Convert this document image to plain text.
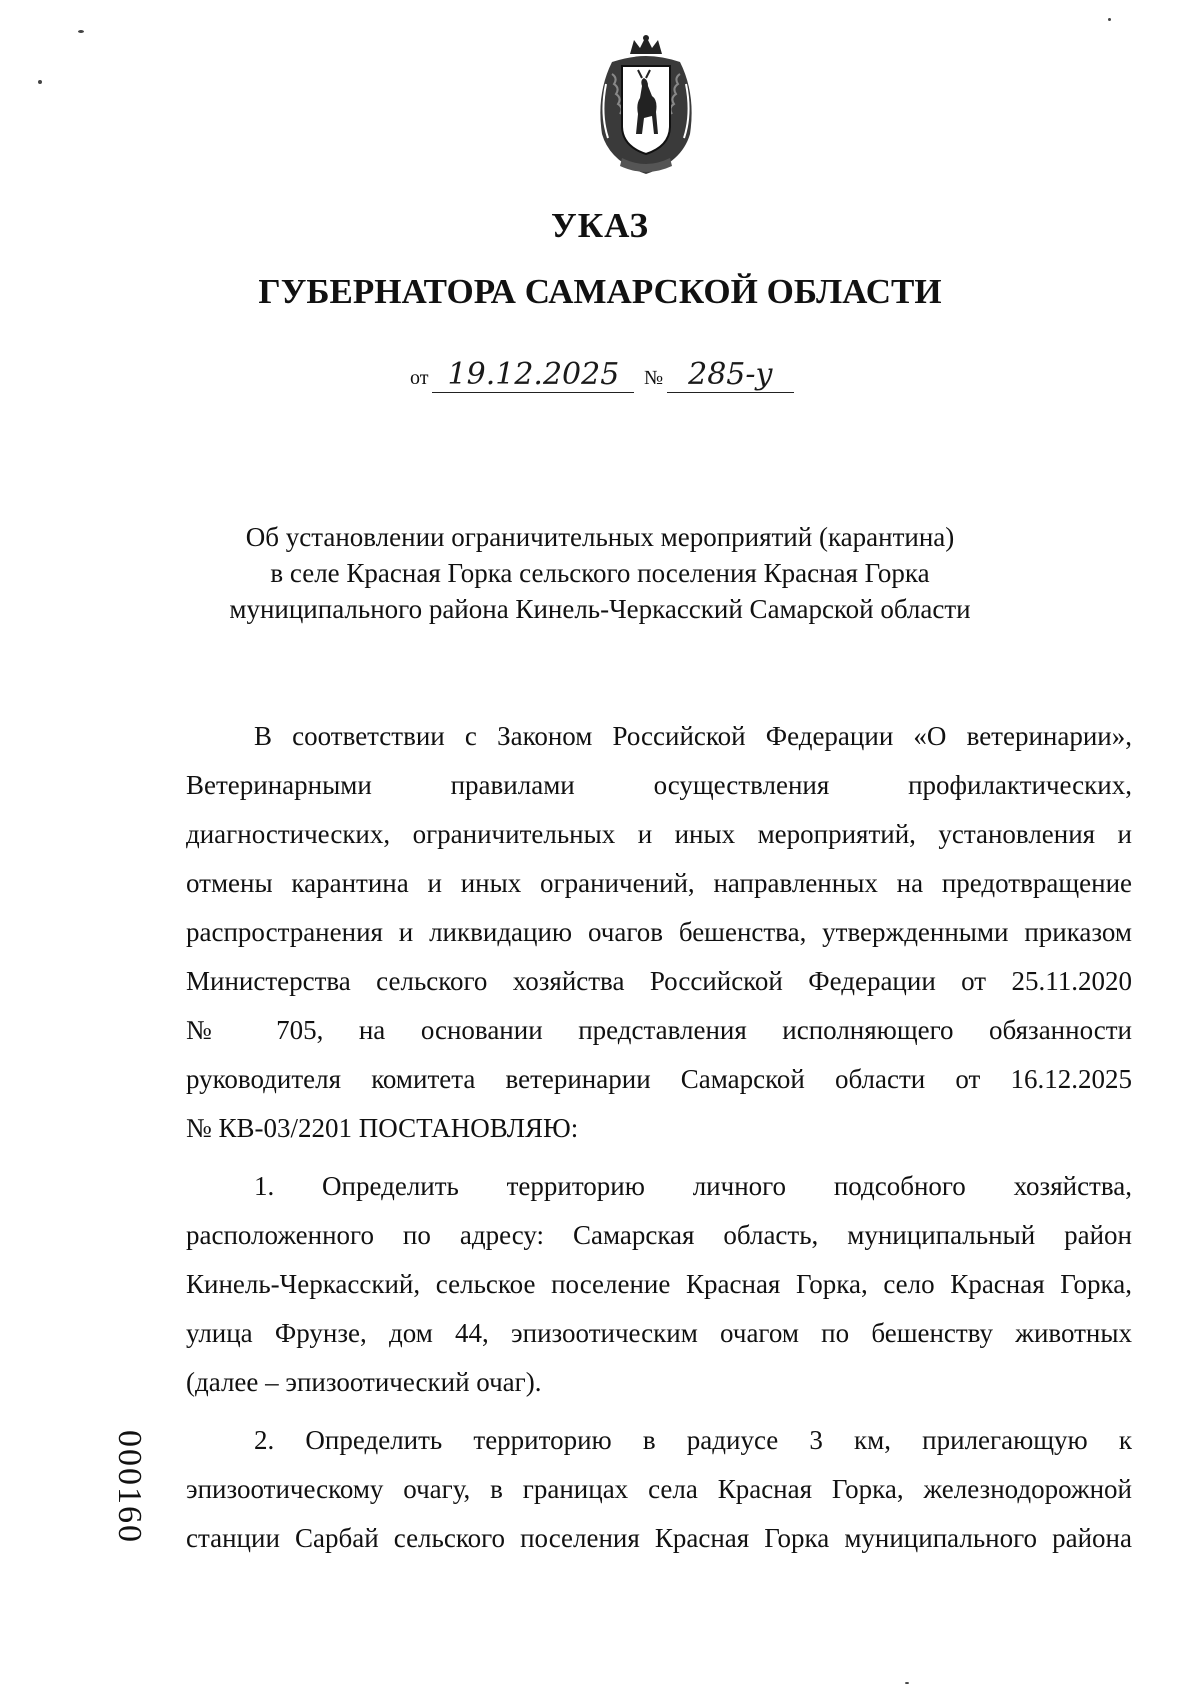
УКАЗ
ГУБЕРНАТОРА САМАРСКОЙ ОБЛАСТИ
от 19.12.2025 № 285-у
Об установлении ограничительных мероприятий (карантина)
в селе Красная Горка сельского поселения Красная Горка
муниципального района Кинель-Черкасский Самарской области
В соответствии с Законом Российской Федерации «О ветеринарии»,
Ветеринарными правилами осуществления профилактических,
диагностических, ограничительных и иных мероприятий, установления и
отмены карантина и иных ограничений, направленных на предотвращение
распространения и ликвидацию очагов бешенства, утвержденными приказом
Министерства сельского хозяйства Российской Федерации от 25.11.2020
№ 705, на основании представления исполняющего обязанности
руководителя комитета ветеринарии Самарской области от 16.12.2025
№ КВ-03/2201 ПОСТАНОВЛЯЮ:
1. Определить территорию личного подсобного хозяйства,
расположенного по адресу: Самарская область, муниципальный район
Кинель-Черкасский, сельское поселение Красная Горка, село Красная Горка,
улица Фрунзе, дом 44, эпизоотическим очагом по бешенству животных
(далее – эпизоотический очаг).
2. Определить территорию в радиусе 3 км, прилегающую к
эпизоотическому очагу, в границах села Красная Горка, железнодорожной
станции Сарбай сельского поселения Красная Горка муниципального района
000160
